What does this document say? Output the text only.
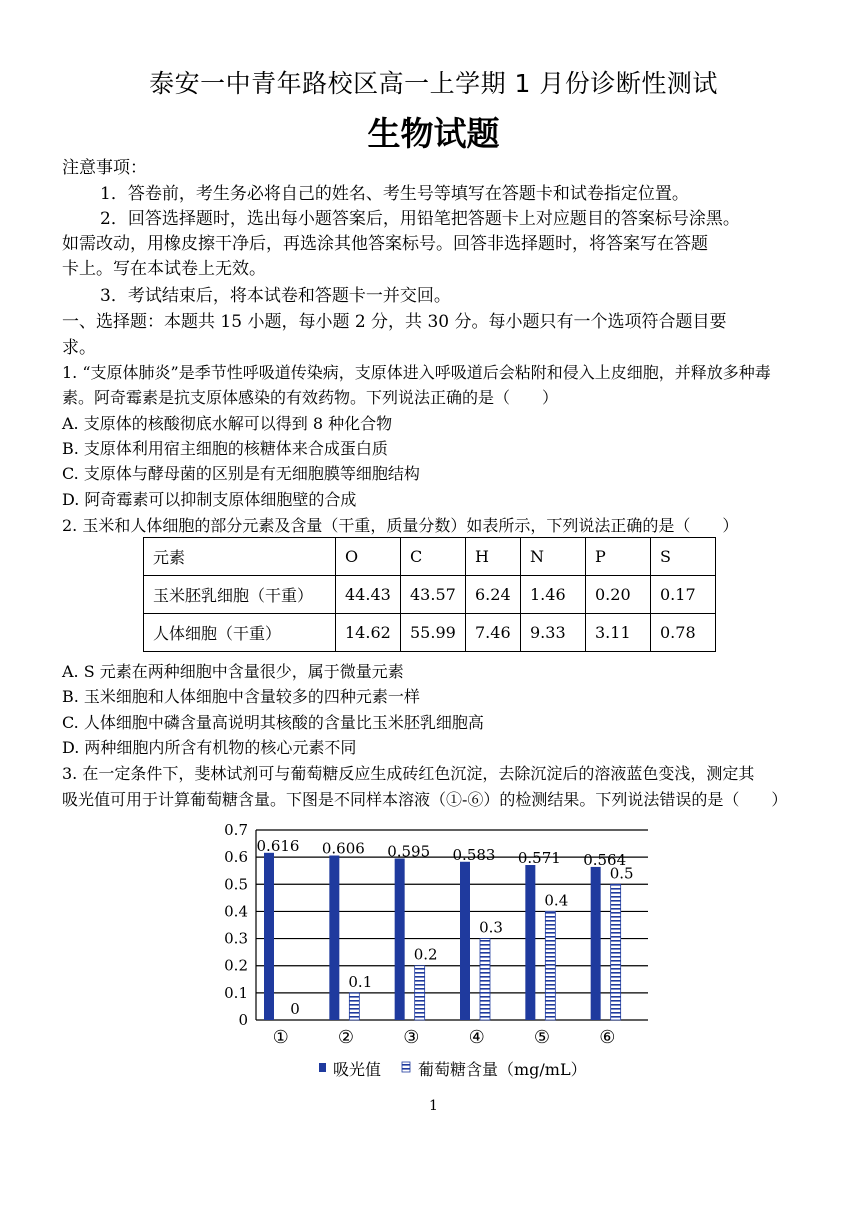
泰安一中青年路校区高一上学期 1 月份诊断性测试
生物试题
注意事项：
1．答卷前，考生务必将自己的姓名、考生号等填写在答题卡和试卷指定位置。
2．回答选择题时，选出每小题答案后，用铅笔把答题卡上对应题目的答案标号涂黑。
如需改动，用橡皮擦干净后，再选涂其他答案标号。回答非选择题时，将答案写在答题
卡上。写在本试卷上无效。
3．考试结束后，将本试卷和答题卡一并交回。
一、选择题：本题共 15 小题，每小题 2 分，共 30 分。每小题只有一个选项符合题目要
求。
1. “支原体肺炎”是季节性呼吸道传染病，支原体进入呼吸道后会粘附和侵入上皮细胞，并释放多种毒
素。阿奇霉素是抗支原体感染的有效药物。下列说法正确的是（　　）
A. 支原体的核酸彻底水解可以得到 8 种化合物
B. 支原体利用宿主细胞的核糖体来合成蛋白质
C. 支原体与酵母菌的区别是有无细胞膜等细胞结构
D. 阿奇霉素可以抑制支原体细胞壁的合成
2. 玉米和人体细胞的部分元素及含量（干重，质量分数）如表所示，下列说法正确的是（　　）
元素	O	C	H	N	P	S
玉米胚乳细胞（干重）	44.43	43.57	6.24	1.46	0.20	0.17
人体细胞（干重）	14.62	55.99	7.46	9.33	3.11	0.78
A. S 元素在两种细胞中含量很少，属于微量元素
B. 玉米细胞和人体细胞中含量较多的四种元素一样
C. 人体细胞中磷含量高说明其核酸的含量比玉米胚乳细胞高
D. 两种细胞内所含有机物的核心元素不同
3. 在一定条件下，斐林试剂可与葡萄糖反应生成砖红色沉淀，去除沉淀后的溶液蓝色变浅，测定其
吸光值可用于计算葡萄糖含量。下图是不同样本溶液（①-⑥）的检测结果。下列说法错误的是（　　）
0
0.1
0.2
0.3
0.4
0.5
0.6
0.7
0.616
0
①
0.606
0.1
②
0.595
0.2
③
0.583
0.3
④
0.571
0.4
⑤
0.564
0.5
⑥
吸光值 葡萄糖含量（mg/mL）
1
